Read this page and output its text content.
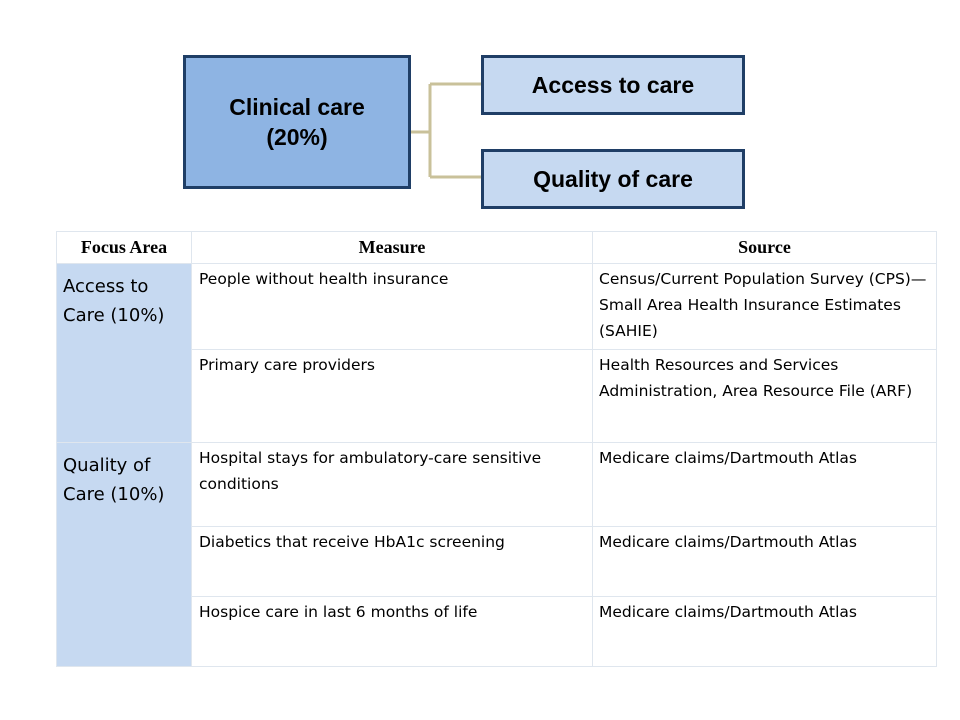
Clinical care
(20%)
Access to care
Quality of care
Focus Area	Measure	Source
Access to Care (10%)	People without health insurance	Census/Current Population Survey (CPS)—Small Area Health Insurance Estimates (SAHIE)
	Primary care providers	Health Resources and Services Administration, Area Resource File (ARF)
Quality of Care (10%)	Hospital stays for ambulatory-care sensitive conditions	Medicare claims/Dartmouth Atlas
	Diabetics that receive HbA1c screening	Medicare claims/Dartmouth Atlas
	Hospice care in last 6 months of life	Medicare claims/Dartmouth Atlas
